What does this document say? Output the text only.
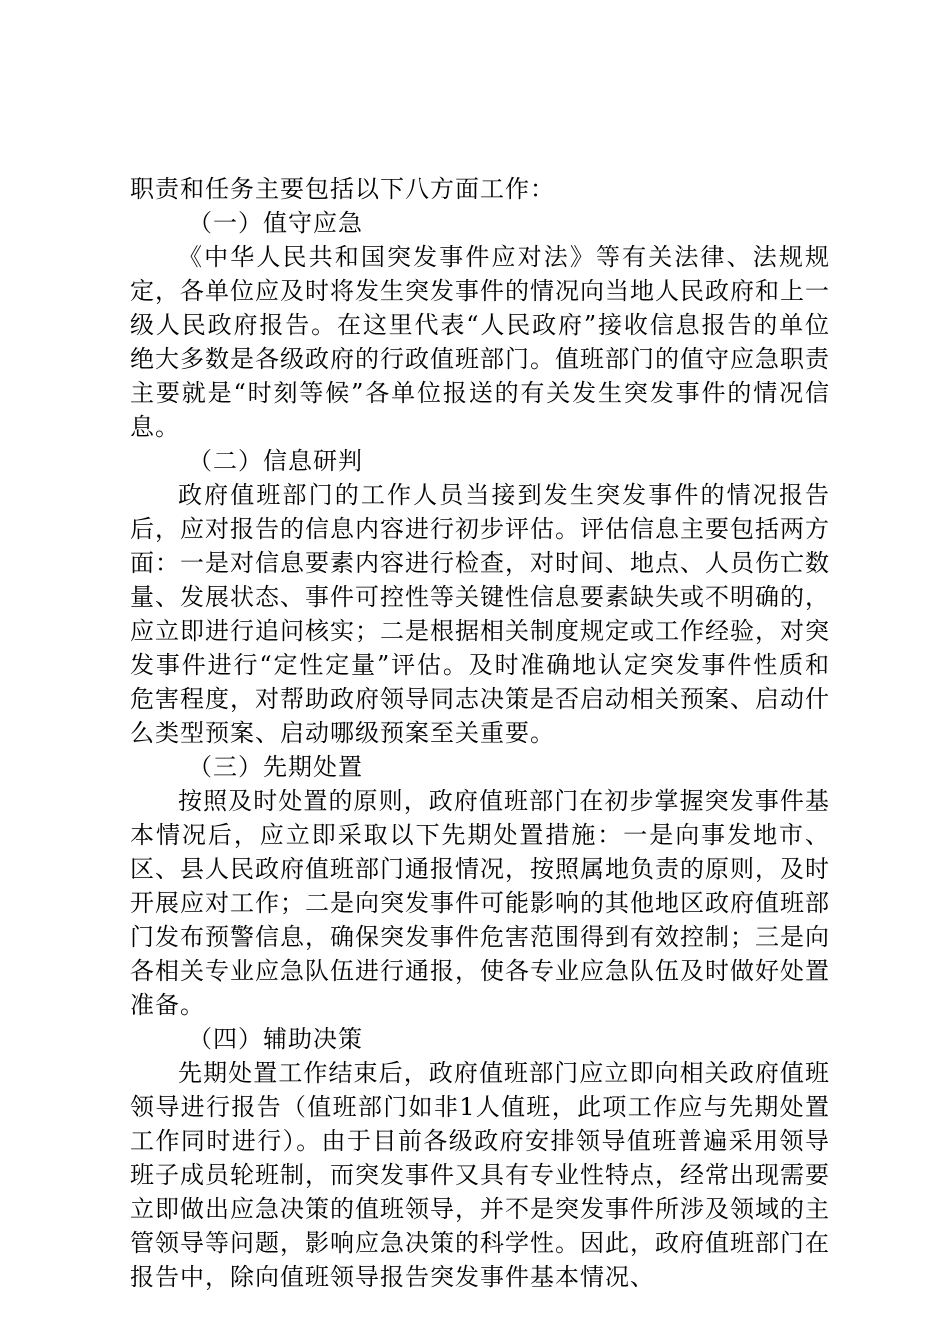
职责和任务主要包括以下八方面工作：

（一）值守应急

《中华人民共和国突发事件应对法》等有关法律、法规规定，各单位应及时将发生突发事件的情况向当地人民政府和上一级人民政府报告。在这里代表“人民政府”接收信息报告的单位绝大多数是各级政府的行政值班部门。值班部门的值守应急职责主要就是“时刻等候”各单位报送的有关发生突发事件的情况信息。

（二）信息研判

政府值班部门的工作人员当接到发生突发事件的情况报告后，应对报告的信息内容进行初步评估。评估信息主要包括两方面：一是对信息要素内容进行检查，对时间、地点、人员伤亡数量、发展状态、事件可控性等关键性信息要素缺失或不明确的，应立即进行追问核实；二是根据相关制度规定或工作经验，对突发事件进行“定性定量”评估。及时准确地认定突发事件性质和危害程度，对帮助政府领导同志决策是否启动相关预案、启动什么类型预案、启动哪级预案至关重要。

（三）先期处置

按照及时处置的原则，政府值班部门在初步掌握突发事件基本情况后，应立即采取以下先期处置措施：一是向事发地市、区、县人民政府值班部门通报情况，按照属地负责的原则，及时开展应对工作；二是向突发事件可能影响的其他地区政府值班部门发布预警信息，确保突发事件危害范围得到有效控制；三是向各相关专业应急队伍进行通报，使各专业应急队伍及时做好处置准备。

（四）辅助决策

先期处置工作结束后，政府值班部门应立即向相关政府值班领导进行报告（值班部门如非1人值班，此项工作应与先期处置工作同时进行）。由于目前各级政府安排领导值班普遍采用领导班子成员轮班制，而突发事件又具有专业性特点，经常出现需要立即做出应急决策的值班领导，并不是突发事件所涉及领域的主管领导等问题，影响应急决策的科学性。因此，政府值班部门在报告中，除向值班领导报告突发事件基本情况、
